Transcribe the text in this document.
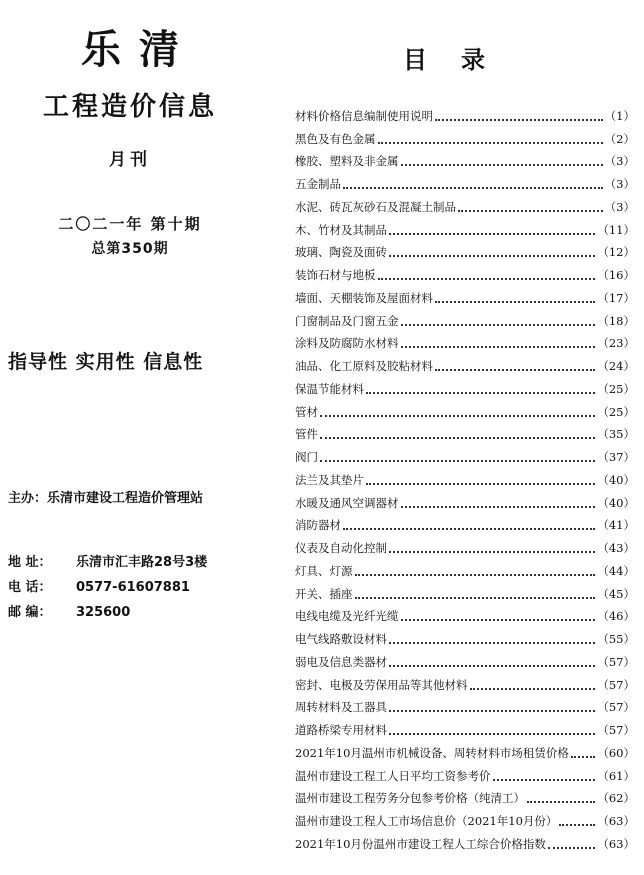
乐清
工程造价信息
月刊
二〇二一年 第十期
总第350期
指导性 实用性 信息性
主办：乐清市建设工程造价管理站
地 址： 乐清市汇丰路28号3楼
电 话： 0577-61607881
邮 编： 325600
目录
材料价格信息编制使用说明	（1）
黑色及有色金属	（2）
橡胶、塑料及非金属	（3）
五金制品	（3）
水泥、砖瓦灰砂石及混凝土制品	（3）
木、竹材及其制品	（11）
玻璃、陶瓷及面砖	（12）
装饰石材与地板	（16）
墙面、天棚装饰及屋面材料	（17）
门窗制品及门窗五金	（18）
涂料及防腐防水材料	（23）
油品、化工原料及胶粘材料	（24）
保温节能材料	（25）
管材	（25）
管件	（35）
阀门	（37）
法兰及其垫片	（40）
水暖及通风空调器材	（40）
消防器材	（41）
仪表及自动化控制	（43）
灯具、灯源	（44）
开关、插座	（45）
电线电缆及光纤光缆	（46）
电气线路敷设材料	（55）
弱电及信息类器材	（57）
密封、电极及劳保用品等其他材料	（57）
周转材料及工器具	（57）
道路桥梁专用材料	（57）
2021年10月温州市机械设备、周转材料市场租赁价格 （60）
温州市建设工程工人日平均工资参考价	（61）
温州市建设工程劳务分包参考价格（纯清工）	（62）
温州市建设工程人工市场信息价（2021年10月份）	（63）
2021年10月份温州市建设工程人工综合价格指数	（63）
